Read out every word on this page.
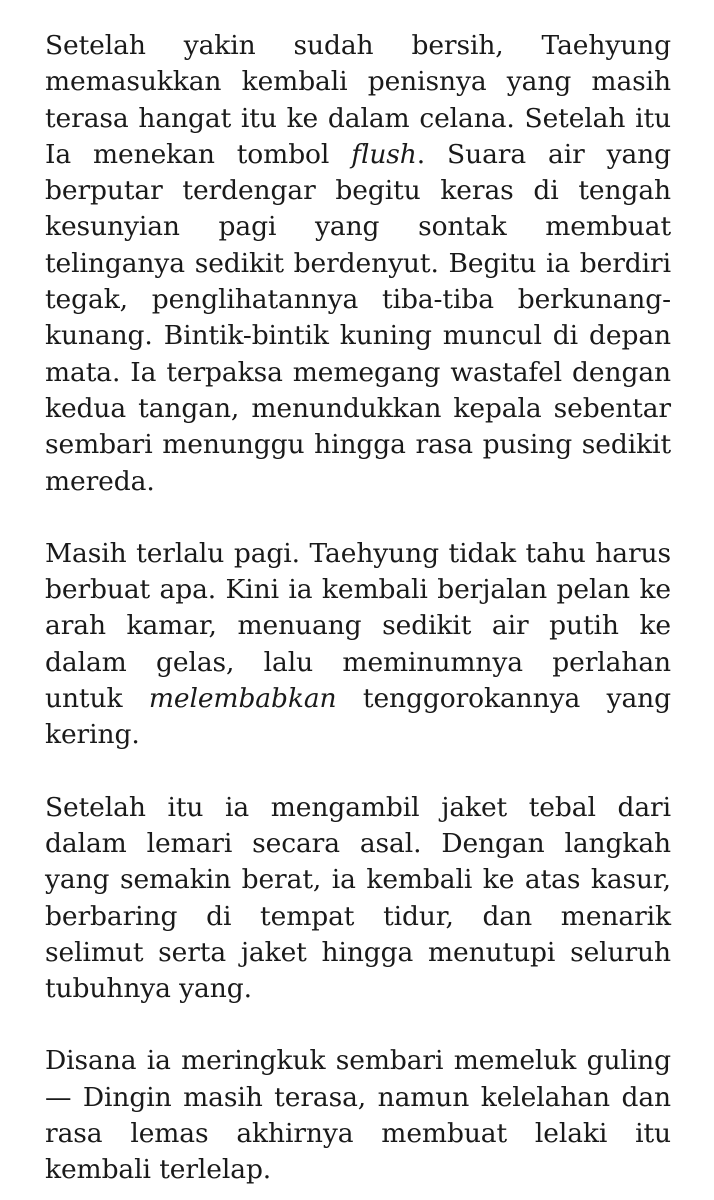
Setelah yakin sudah bersih, Taehyung memasukkan kembali penisnya yang masih terasa hangat itu ke dalam celana. Setelah itu Ia menekan tombol flush. Suara air yang berputar terdengar begitu keras di tengah kesunyian pagi yang sontak membuat telinganya sedikit berdenyut. Begitu ia berdiri tegak, penglihatannya tiba-tiba berkunang-kunang. Bintik-bintik kuning muncul di depan mata. Ia terpaksa memegang wastafel dengan kedua tangan, menundukkan kepala sebentar sembari menunggu hingga rasa pusing sedikit mereda.

Masih terlalu pagi. Taehyung tidak tahu harus berbuat apa. Kini ia kembali berjalan pelan ke arah kamar, menuang sedikit air putih ke dalam gelas, lalu meminumnya perlahan untuk melembabkan tenggorokannya yang kering.

Setelah itu ia mengambil jaket tebal dari dalam lemari secara asal. Dengan langkah yang semakin berat, ia kembali ke atas kasur, berbaring di tempat tidur, dan menarik selimut serta jaket hingga menutupi seluruh tubuhnya yang.

Disana ia meringkuk sembari memeluk guling— Dingin masih terasa, namun kelelahan dan rasa lemas akhirnya membuat lelaki itu kembali terlelap.
